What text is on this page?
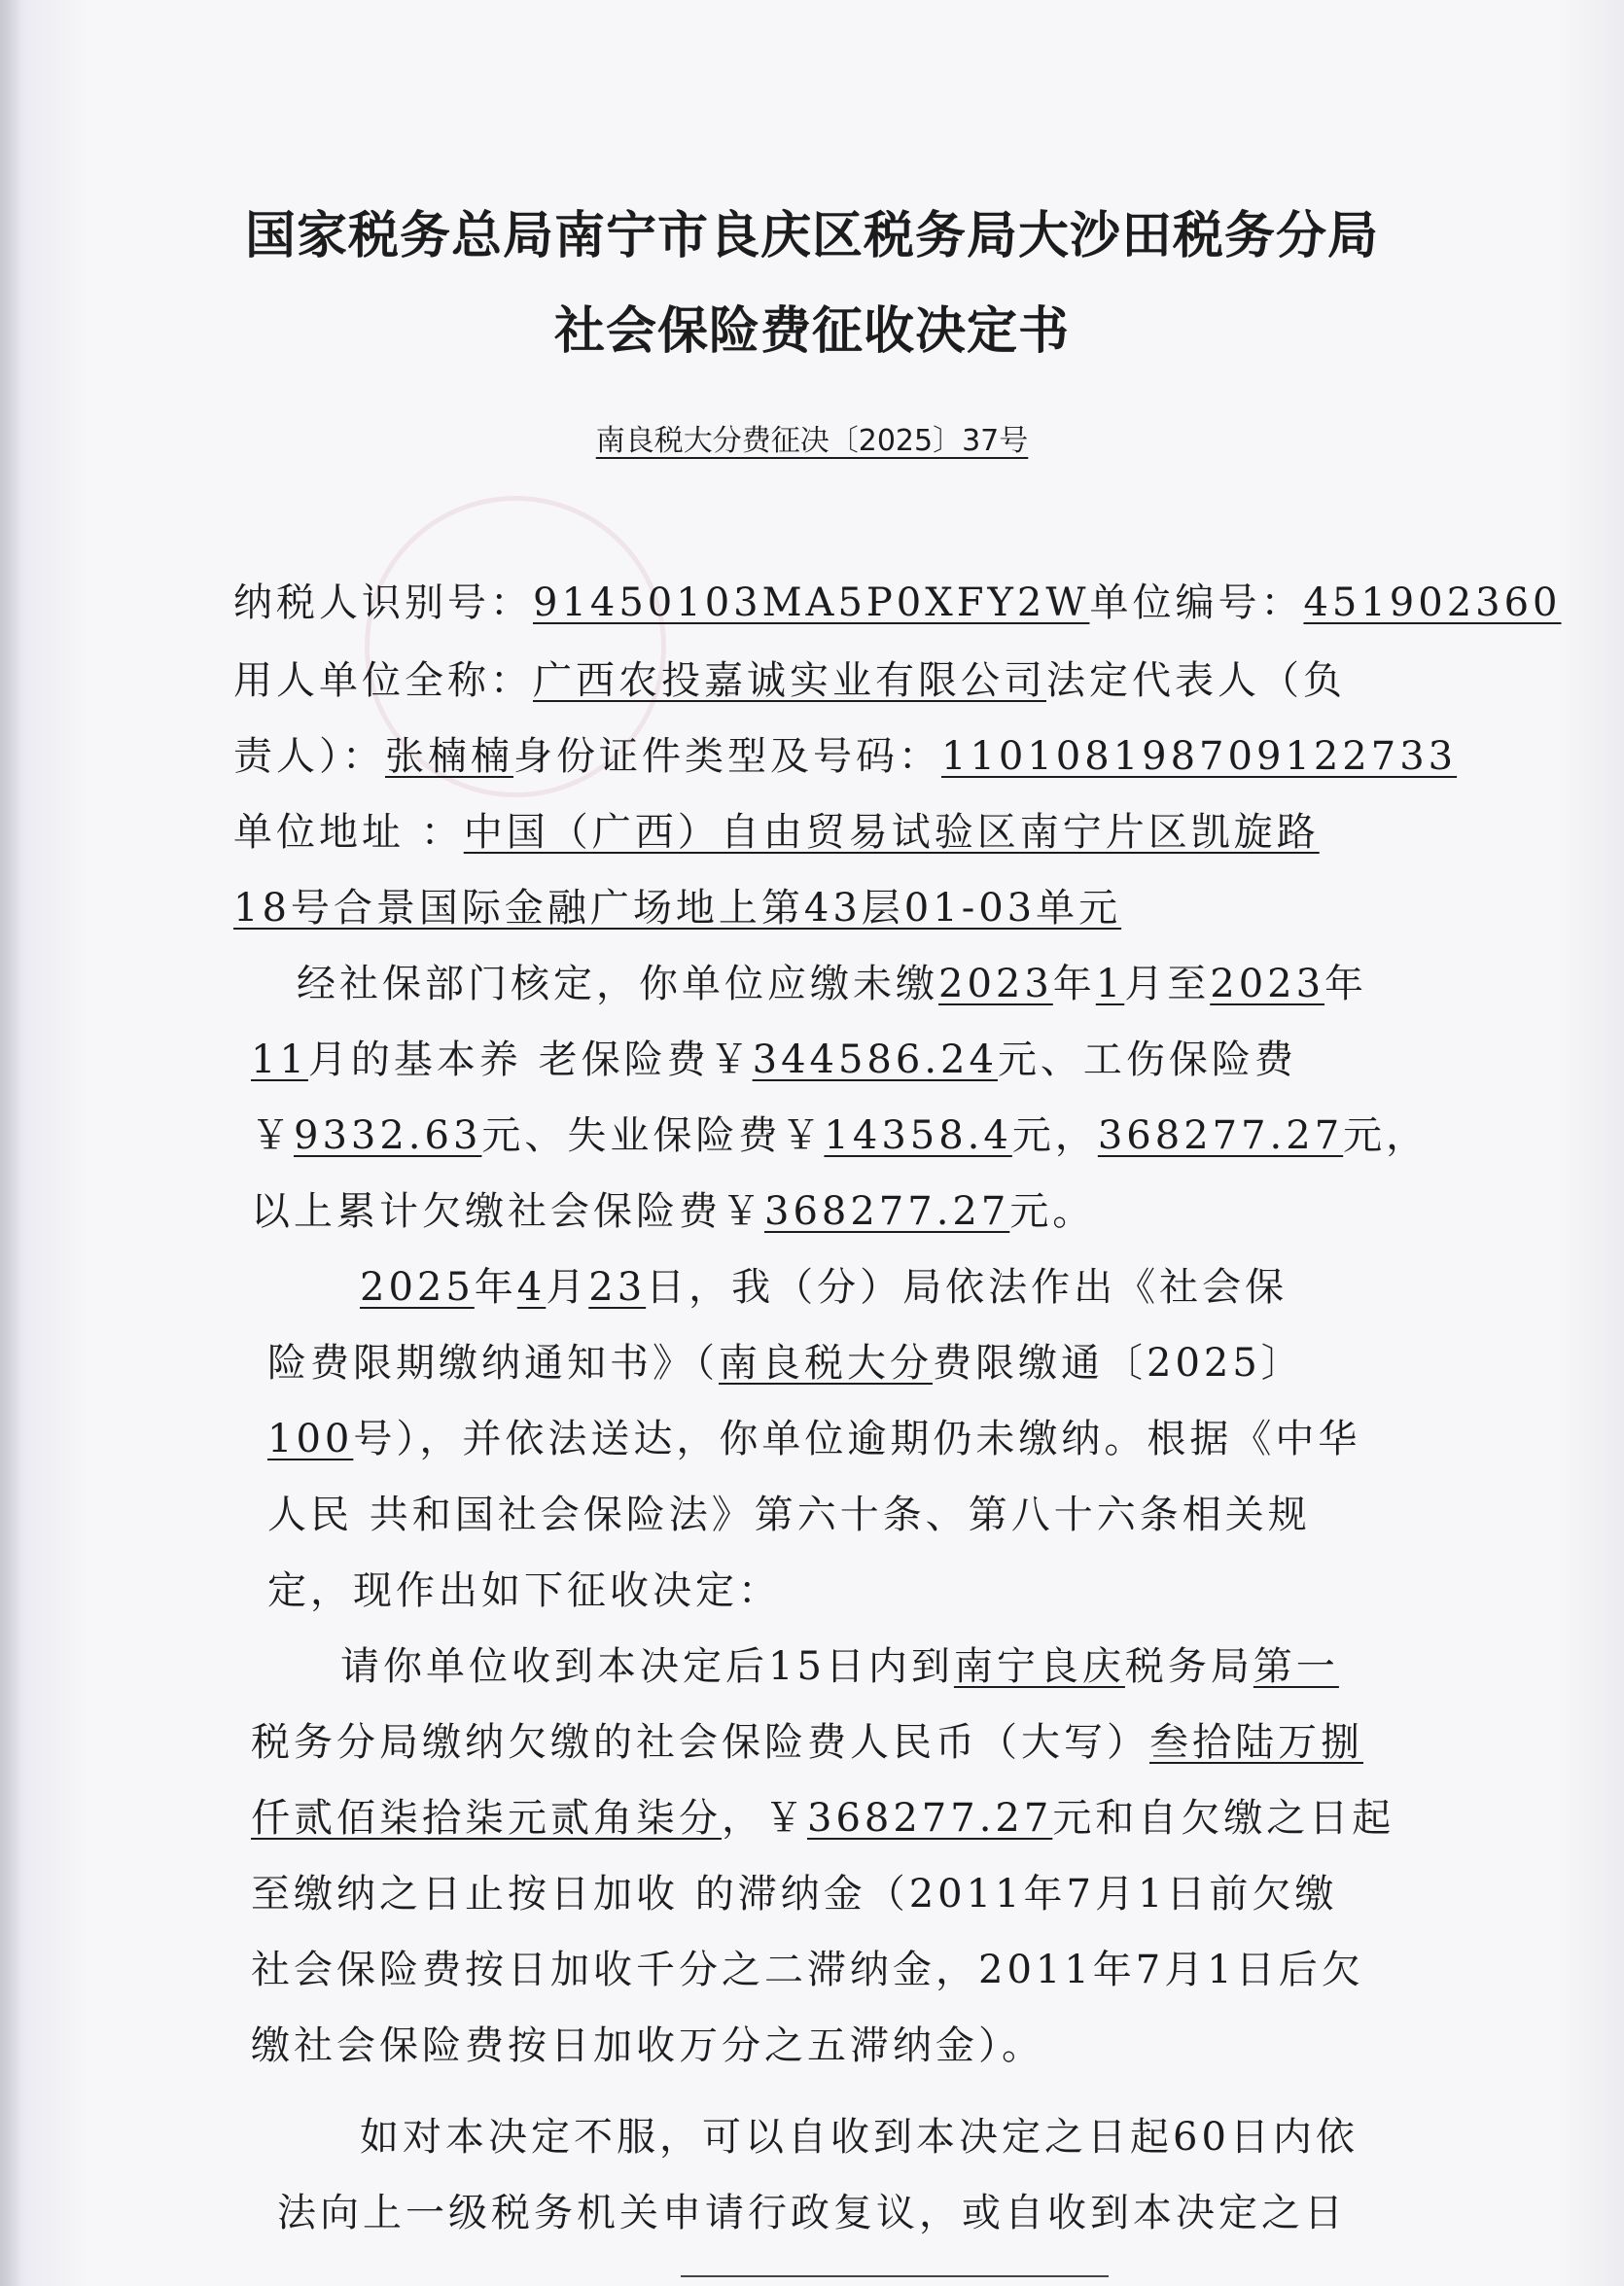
国家税务总局南宁市良庆区税务局大沙田税务分局
社会保险费征收决定书
南良税大分费征决〔2025〕37号
纳税人识别号：91450103MA5P0XFY2W单位编号：451902360
用人单位全称：广西农投嘉诚实业有限公司法定代表人（负
责人）：张楠楠身份证件类型及号码：110108198709122733
单位地址 ：中国（广西）自由贸易试验区南宁片区凯旋路
18号合景国际金融广场地上第43层01-03单元
经社保部门核定，你单位应缴未缴2023年1月至2023年
11月的基本养 老保险费￥344586.24元、工伤保险费
￥9332.63元、失业保险费￥14358.4元，368277.27元，
以上累计欠缴社会保险费￥368277.27元。
2025年4月23日，我（分）局依法作出《社会保
险费限期缴纳通知书》（南良税大分费限缴通〔2025〕
100号），并依法送达，你单位逾期仍未缴纳。根据《中华
人民 共和国社会保险法》第六十条、第八十六条相关规
定，现作出如下征收决定：
请你单位收到本决定后15日内到南宁良庆税务局第一
税务分局缴纳欠缴的社会保险费人民币（大写）叁拾陆万捌
仟贰佰柒拾柒元贰角柒分，￥368277.27元和自欠缴之日起
至缴纳之日止按日加收 的滞纳金（2011年7月1日前欠缴
社会保险费按日加收千分之二滞纳金，2011年7月1日后欠
缴社会保险费按日加收万分之五滞纳金）。
如对本决定不服，可以自收到本决定之日起60日内依
法向上一级税务机关申请行政复议，或自收到本决定之日
